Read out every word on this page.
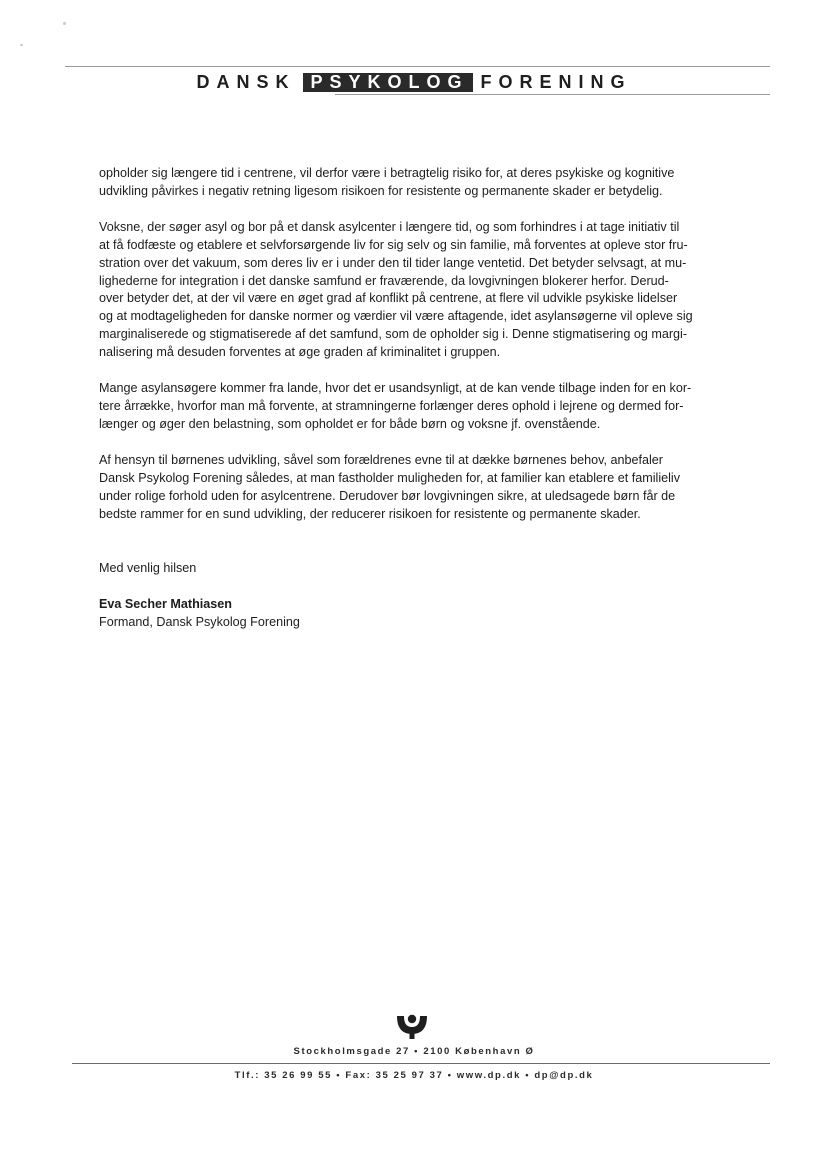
DANSK PSYKOLOG FORENING

opholder sig længere tid i centrene, vil derfor være i betragtelig risiko for, at deres psykiske og kognitive
udvikling påvirkes i negativ retning ligesom risikoen for resistente og permanente skader er betydelig.

Voksne, der søger asyl og bor på et dansk asylcenter i længere tid, og som forhindres i at tage initiativ til
at få fodfæste og etablere et selvforsørgende liv for sig selv og sin familie, må forventes at opleve stor fru-
stration over det vakuum, som deres liv er i under den til tider lange ventetid. Det betyder selvsagt, at mu-
lighederne for integration i det danske samfund er fraværende, da lovgivningen blokerer herfor. Derud-
over betyder det, at der vil være en øget grad af konflikt på centrene, at flere vil udvikle psykiske lidelser
og at modtageligheden for danske normer og værdier vil være aftagende, idet asylansøgerne vil opleve sig
marginaliserede og stigmatiserede af det samfund, som de opholder sig i. Denne stigmatisering og margi-
nalisering må desuden forventes at øge graden af kriminalitet i gruppen.

Mange asylansøgere kommer fra lande, hvor det er usandsynligt, at de kan vende tilbage inden for en kor-
tere årrække, hvorfor man må forvente, at stramningerne forlænger deres ophold i lejrene og dermed for-
længer og øger den belastning, som opholdet er for både børn og voksne jf. ovenstående.

Af hensyn til børnenes udvikling, såvel som forældrenes evne til at dække børnenes behov, anbefaler
Dansk Psykolog Forening således, at man fastholder muligheden for, at familier kan etablere et familieliv
under rolige forhold uden for asylcentrene. Derudover bør lovgivningen sikre, at uledsagede børn får de
bedste rammer for en sund udvikling, der reducerer risikoen for resistente og permanente skader.

Med venlig hilsen
Eva Secher Mathiasen
Formand, Dansk Psykolog Forening
Stockholmsgade 27 • 2100 København Ø
Tlf.: 35 26 99 55 • Fax: 35 25 97 37 • www.dp.dk • dp@dp.dk
